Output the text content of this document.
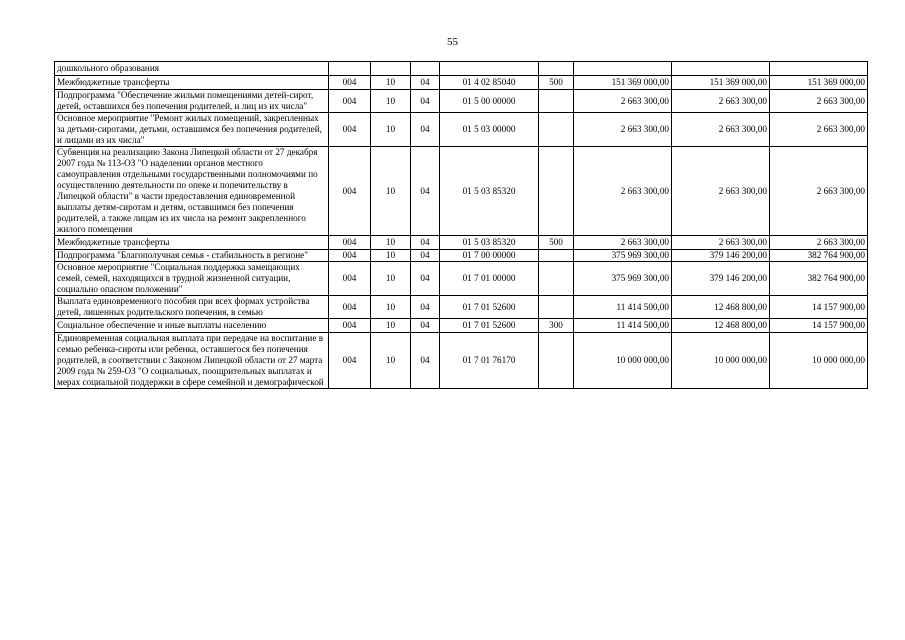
55
дошкольного образования								
Межбюджетные трансферты	004	10	04	01 4 02 85040	500	151 369 000,00	151 369 000,00	151 369 000,00
Подпрограмма "Обеспечение жильми помещениями детей-сирот, детей, оставшихся без попечения родителей, и лиц из их числа"	004	10	04	01 5 00 00000		2 663 300,00	2 663 300,00	2 663 300,00
Основное мероприятие "Ремонт жилых помещений, закрепленных за детьми-сиротами, детьми, оставшимся без попечения родителей, и лицами из их числа"	004	10	04	01 5 03 00000		2 663 300,00	2 663 300,00	2 663 300,00
Субвенция на реализацию Закона Липецкой области от 27 декабря 2007 года № 113-ОЗ "О наделении органов местного самоуправления отдельными государственными полномочиями по осуществлению деятельности по опеке и попечительству в Липецкой области" в части предоставления единовременной выплаты детям-сиротам и детям, оставшимся без попечения родителей, а также лицам из их числа на ремонт закрепленного жилого помещения	004	10	04	01 5 03 85320		2 663 300,00	2 663 300,00	2 663 300,00
Межбюджетные трансферты	004	10	04	01 5 03 85320	500	2 663 300,00	2 663 300,00	2 663 300,00
Подпрограмма "Благополучная семья - стабильность в регионе"	004	10	04	01 7 00 00000		375 969 300,00	379 146 200,00	382 764 900,00
Основное мероприятие "Социальная поддержка замещающих семей, семей, находящихся в трудной жизненной ситуации, социально опасном положении"	004	10	04	01 7 01 00000		375 969 300,00	379 146 200,00	382 764 900,00
Выплата единовременного пособия при всех формах устройства детей, лишенных родительского попечения, в семью	004	10	04	01 7 01 52600		11 414 500,00	12 468 800,00	14 157 900,00
Социальное обеспечение и иные выплаты населению	004	10	04	01 7 01 52600	300	11 414 500,00	12 468 800,00	14 157 900,00
Единовременная социальная выплата при передаче на воспитание в семью ребенка-сироты или ребенка, оставшегося без попечения родителей, в соответствии с Законом Липецкой области от 27 марта 2009 года № 259-ОЗ "О социальных, поощрительных выплатах и мерах социальной поддержки в сфере семейной и демографической	004	10	04	01 7 01 76170		10 000 000,00	10 000 000,00	10 000 000,00
